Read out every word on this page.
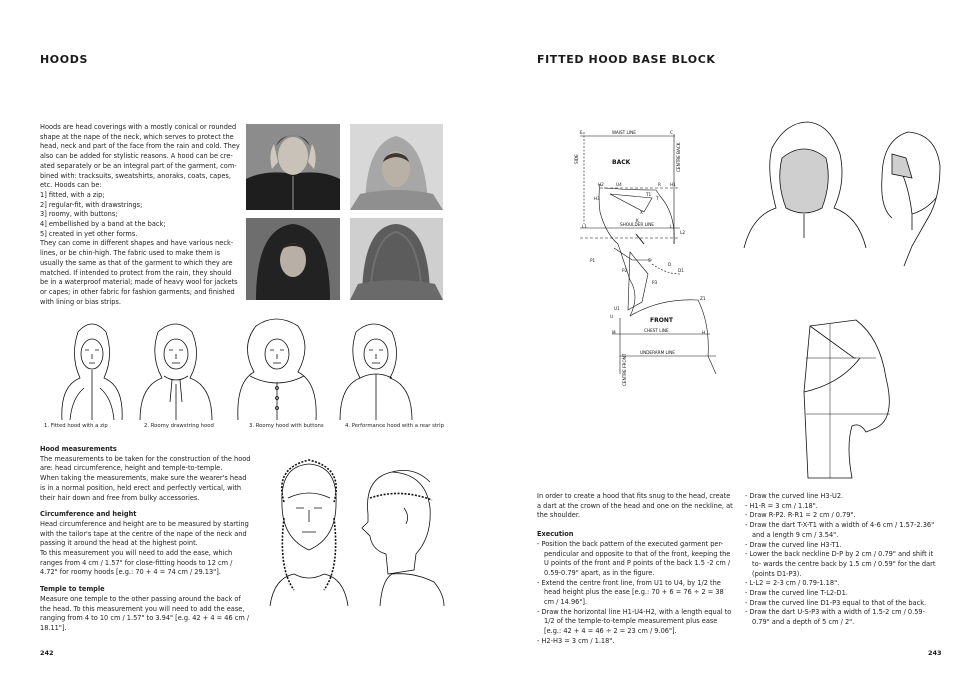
HOODS

Hoods are head coverings with a mostly conical or rounded

shape at the nape of the neck, which serves to protect the

head, neck and part of the face from the rain and cold. They

also can be added for stylistic reasons. A hood can be cre-

ated separately or be an integral part of the garment, com-

bined with: tracksuits, sweatshirts, anoraks, coats, capes,

etc. Hoods can be:

1] fitted, with a zip;

2] regular-fit, with drawstrings;

3] roomy, with buttons;

4] embellished by a band at the back;

5] created in yet other forms.

They can come in different shapes and have various neck-

lines, or be chin-high. The fabric used to make them is

usually the same as that of the garment to which they are

matched. If intended to protect from the rain, they should

be in a waterproof material; made of heavy wool for jackets

or capes; in other fabric for fashion garments; and finished

with lining or bias strips.

1. Fitted hood with a zip	2. Roomy drawstring hood	3. Roomy hood with buttons	4. Performance hood with a rear strip

Hood measurements

The measurements to be taken for the construction of the hood

are: head circumference, height and temple-to-temple.

When taking the measurements, make sure the wearer's head

is in a normal position, held erect and perfectly vertical, with

their hair down and free from bulky accessories.

Circumference and height

Head circumference and height are to be measured by starting

with the tailor's tape at the centre of the nape of the neck and

passing it around the head at the highest point.

To this measurement you will need to add the ease, which

ranges from 4 cm / 1.57" for close-fitting hoods to 12 cm /

4.72" for roomy hoods [e.g.: 70 + 4 = 74 cm / 29.13"].

Temple to temple

Measure one temple to the other passing around the back of

the head. To this measurement you will need to add the ease,

ranging from 4 to 10 cm / 1.57" to 3.94" [e.g. 42 + 4 = 46 cm /

18.11"].

242
FITTED HOOD BASE BLOCK
WAIST LINE
BACK
SIDE	CENTRE BACK
SHOULDER LINE
FRONT
CHEST LINE
UNDERARM LINE
CENTRE FRONT
E	C
H2	U4	R H1
H3
T1
T
X
L1
K
L
L2
P1
P2
S
P3
D
D1
Z1
U1
U
M	H

In order to create a hood that fits snug to the head, create

a dart at the crown of the head and one on the neckline, at

the shoulder.

Execution

- Position the back pattern of the executed garment per- pendicular and opposite to that of the front, keeping the U points of the front and P points of the back 1.5 -2 cm / 0.59-0.79" apart, as in the figure.
- Extend the centre front line, from U1 to U4, by 1/2 the head height plus the ease [e.g.: 70 + 6 = 76 ÷ 2 = 38 cm / 14.96"].
- Draw the horizontal line H1-U4-H2, with a length equal to 1/2 of the temple-to-temple measurement plus ease [e.g.: 42 + 4 = 46 ÷ 2 = 23 cm / 9.06"].
- H2-H3 = 3 cm / 1.18".
- Draw the curved line H3-U2.
- H1-R = 3 cm / 1.18".
- Draw R-P2. R-R1 = 2 cm / 0.79".
- Draw the dart T-X-T1 with a width of 4-6 cm / 1.57-2.36" and a length 9 cm / 3.54".
- Draw the curved line H3-T1.
- Lower the back neckline D-P by 2 cm / 0.79" and shift it to- wards the centre back by 1.5 cm / 0.59" for the dart (points D1-P3).
- L-L2 = 2-3 cm / 0.79-1.18".
- Draw the curved line T-L2-D1.
- Draw the curved line D1-P3 equal to that of the back.
- Draw the dart U-S-P3 with a width of 1.5-2 cm / 0.59-0.79" and a depth of 5 cm / 2".
243
